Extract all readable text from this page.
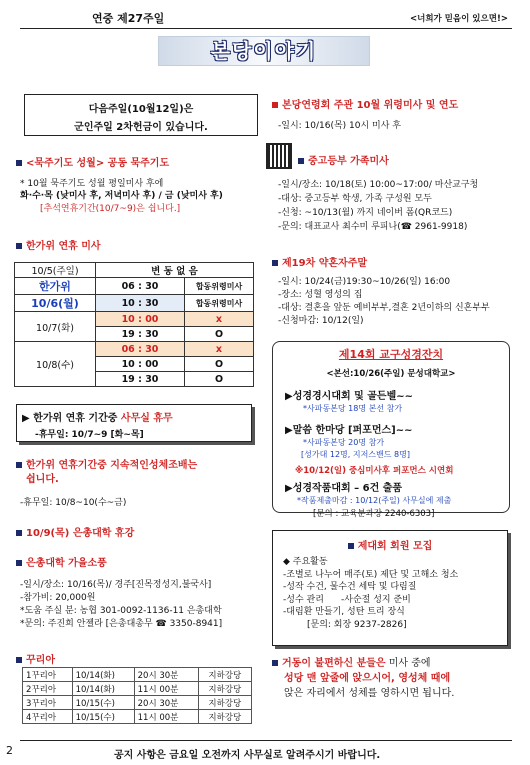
연중 제27주일	<너희가 믿음이 있으면!>
본당이야기
다음주일(10월12일)은
군인주일 2차헌금이 있습니다.
<묵주기도 성월> 공동 묵주기도
* 10월 묵주기도 성월 평일미사 후에
화·수·목 (낮미사 후, 저녁미사 후) / 금 (낮미사 후)
[추석연휴기간(10/7~9)은 쉽니다.]
한가위 연휴 미사
10/5(주일)	변 동 없 음	
한가위	06 : 30	합동위령미사
10/6(월)	10 : 30	합동위령미사
10/7(화)	10 : 00	x
	19 : 30	O
10/8(수)	06 : 30	x
	10 : 00	O
	19 : 30	O
▶ 한가위 연휴 기간중 사무실 휴무
-휴무일: 10/7~9 [화~목]
한가위 연휴기간중 지속적인성체조배는
쉽니다.
-휴무일: 10/8~10(수~금)
10/9(목) 은총대학 휴강
은총대학 가을소풍
-일시/장소: 10/16(목)/ 경주[진목정성지,불국사]
-참가비: 20,000원
*도움 주실 분: 농협 301-0092-1136-11 은총대학
*문의: 주진희 안젤라 [은총대총무 ☎ 3350-8941]
꾸리아
1꾸리아	10/14(화)	20시 30분	지하강당
2꾸리아	10/14(화)	11시 00분	지하강당
3꾸리아	10/15(수)	20시 30분	지하강당
4꾸리아	10/15(수)	11시 00분	지하강당
본당연령회 주관 10월 위령미사 및 연도
-일시: 10/16(목) 10시 미사 후
중고등부 가족미사
-일시/장소: 10/18(토) 10:00~17:00/ 마산교구청
-대상: 중고등부 학생, 가족 구성원 모두
-신청: ~10/13(월) 까지 네이버 폼(QR코드)
-문의: 대표교사 최수미 루피나(☎ 2961-9918)
제19차 약혼자주말
-일시: 10/24(금)19:30~10/26(일) 16:00
-장소: 성혈 영성의 집
-대상: 결혼을 앞둔 예비부부,결혼 2년이하의 신혼부부
-신청마감: 10/12(일)
제14회 교구성경잔치
<본선:10/26(주일) 문성대학교>
▶성경경시대회 및 골든벨~~
*사파동본당 18명 본선 참가
▶말씀 한마당 [퍼포먼스]~~
*사파동본당 20명 참가
[성가대 12명, 지저스밴드 8명]
※10/12(일) 중심미사후 퍼포먼스 시연회
▶성경작품대회 – 6건 출품
*작품제출마감 : 10/12(주일) 사무실에 제출
[문의 : 교육분과장 2240-6303]
제대회 회원 모집
◆ 주요활동
-조별로 나누어 매주(토) 제단 및 고해소 청소
-성작 수건, 물수건 세탁 및 다림질
-성수 관리      -사순절 성지 준비
-대림환 만들기, 성탄 트리 장식
[문의: 회장 9237-2826]
거동이 불편하신 분들은 미사 중에
성당 맨 앞줄에 앉으시어, 영성체 때에
앉은 자리에서 성체를 영하시면 됩니다.
2	공지 사항은 금요일 오전까지 사무실로 알려주시기 바랍니다.
